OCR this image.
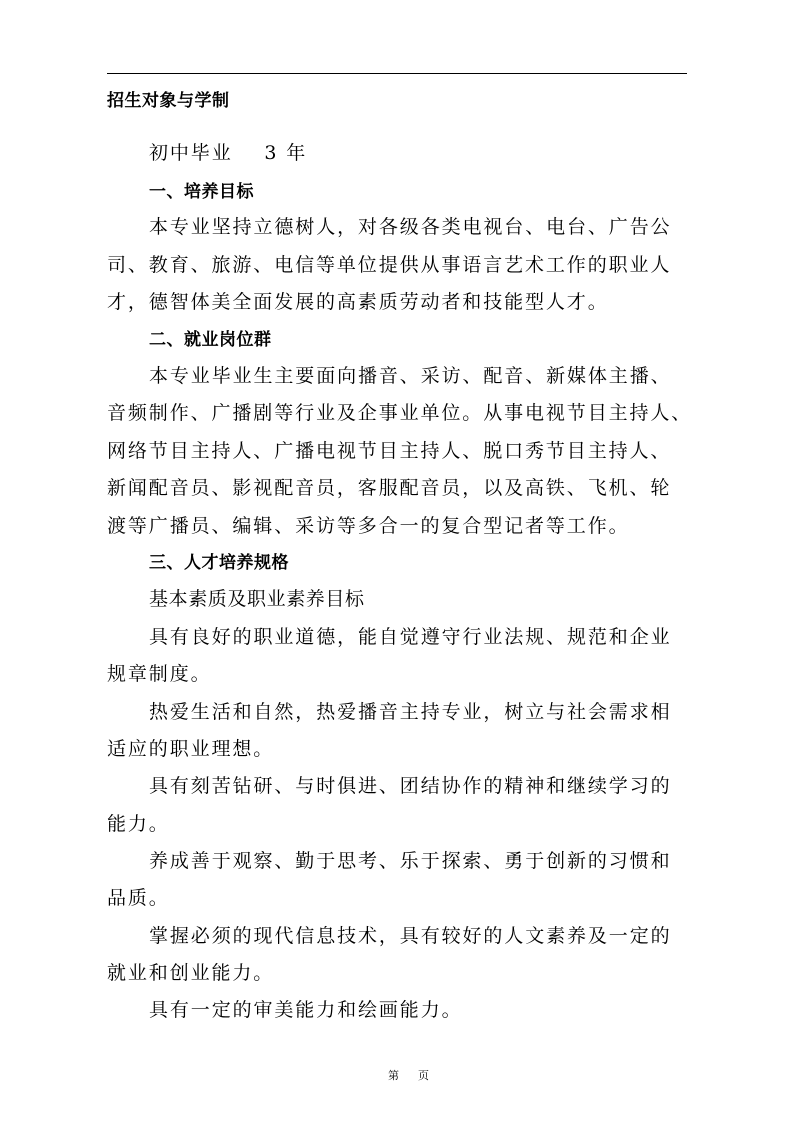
招生对象与学制
初中毕业    3 年
一、培养目标
本专业坚持立德树人，对各级各类电视台、电台、广告公
司、教育、旅游、电信等单位提供从事语言艺术工作的职业人
才，德智体美全面发展的高素质劳动者和技能型人才。
二、就业岗位群
本专业毕业生主要面向播音、采访、配音、新媒体主播、
音频制作、广播剧等行业及企事业单位。从事电视节目主持人、
网络节目主持人、广播电视节目主持人、脱口秀节目主持人、
新闻配音员、影视配音员，客服配音员，以及高铁、飞机、轮
渡等广播员、编辑、采访等多合一的复合型记者等工作。
三、人才培养规格
基本素质及职业素养目标
具有良好的职业道德，能自觉遵守行业法规、规范和企业
规章制度。
热爱生活和自然，热爱播音主持专业，树立与社会需求相
适应的职业理想。
具有刻苦钻研、与时俱进、团结协作的精神和继续学习的
能力。
养成善于观察、勤于思考、乐于探索、勇于创新的习惯和
品质。
掌握必须的现代信息技术，具有较好的人文素养及一定的
就业和创业能力。
具有一定的审美能力和绘画能力。
第    页
